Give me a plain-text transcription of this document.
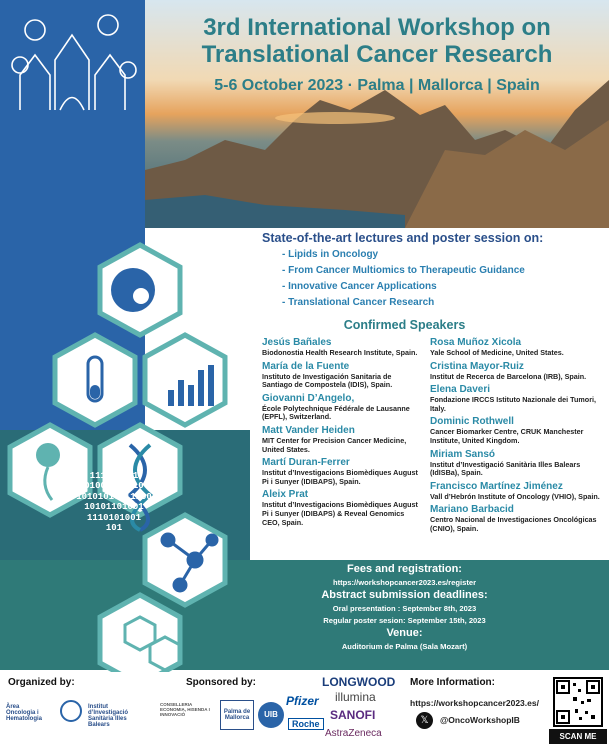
3rd International Workshop on
Translational Cancer Research
5-6 October 2023 · Palma | Mallorca | Spain
State-of-the-art lectures and poster session on:
- Lipids in Oncology
- From Cancer Multiomics to Therapeutic Guidance
- Innovative Cancer Applications
- Translational Cancer Research
Confirmed Speakers
Jesús Bañales
Biodonostia Health Research Institute, Spain.
María de la Fuente
Instituto de Investigación Sanitaria de Santiago de Compostela (IDIS), Spain.
Giovanni D’Angelo,
École Polytechnique Fédérale de Lausanne (EPFL), Switzerland.
Matt Vander Heiden
MIT Center for Precision Cancer Medicine, United States.
Martí Duran-Ferrer
Institut d’Investigacions Biomèdiques August Pi i Sunyer (IDIBAPS), Spain.
Aleix Prat
Institut d’Investigacions Biomèdiques August Pi i Sunyer (IDIBAPS) & Reveal Genomics CEO, Spain.
Rosa Muñoz Xicola
Yale School of Medicine, United States.
Cristina Mayor-Ruiz
Institut de Recerca de Barcelona (IRB), Spain.
Elena Daveri
Fondazione IRCCS Istituto Nazionale dei Tumori, Italy.
Dominic Rothwell
Cancer Biomarker Centre, CRUK Manchester Institute, United Kingdom.
Miriam Sansó
Institut d’Investigació Sanitària Illes Balears (IdISBa), Spain.
Francisco Martínez Jiménez
Vall d’Hebrón Institute of Oncology (VHIO), Spain.
Mariano Barbacid
Centro Nacional de Investigaciones Oncológicas (CNIO), Spain.
110
111010101
01001101010
10101010111100
10101101001
1110101001
101
Fees and registration:
https://workshopcancer2023.es/register
Abstract submission deadlines:
Oral presentation : September 8th, 2023
Regular poster sesion: September 15th, 2023
Venue:
Auditorium de Palma (Sala Mozart)
Organized by:	Sponsored by:	More Information:
Àrea Oncologia i Hematologia
Institut d’Investigació Sanitària Illes Balears
CONSELLERIA ECONOMIA, HISENDA I INNOVACIÓ	Palma de Mallorca	UIB
Pfizer
Roche
LONGWOOD
illumina
SANOFI
AstraZeneca
https://workshopcancer2023.es/
𝕏	@OncoWorkshopIB
SCAN ME
